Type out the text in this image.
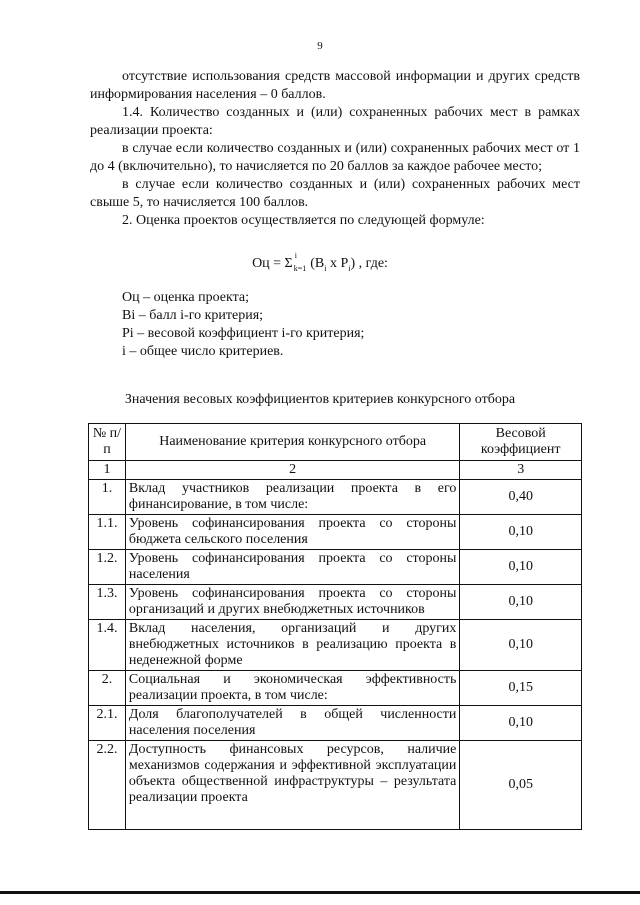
9

отсутствие использования средств массовой информации и других средств информирования населения – 0 баллов.

1.4. Количество созданных и (или) сохраненных рабочих мест в рамках реализации проекта:

в случае если количество созданных и (или) сохраненных рабочих мест от 1 до 4 (включительно), то начисляется по 20 баллов за каждое рабочее место;

в случае если количество созданных и (или) сохраненных рабочих мест свыше 5, то начисляется 100 баллов.

2. Оценка проектов осуществляется по следующей формуле:

Оц = Σ
i
k=1 ($B_i$ x $P_i$) , где:
Оц – оценка проекта;
Bi – балл i-го критерия;
Pi – весовой коэффициент i-го критерия;
i – общее число критериев.
Значения весовых коэффициентов критериев конкурсного отбора
№ п/п	Наименование критерия конкурсного отбора	Весовой коэффициент
1	2	3
1.	Вклад участников реализации проекта в его финансирование, в том числе:	0,40
1.1.	Уровень софинансирования проекта со стороны бюджета сельского поселения	0,10
1.2.	Уровень софинансирования проекта со стороны населения	0,10
1.3.	Уровень софинансирования проекта со стороны организаций и других внебюджетных источников	0,10
1.4.	Вклад населения, организаций и других внебюджетных источников в реализацию проекта в неденежной форме	0,10
2.	Социальная и экономическая эффективность реализации проекта, в том числе:	0,15
2.1.	Доля благополучателей в общей численности населения поселения	0,10
2.2.	Доступность финансовых ресурсов, наличие механизмов содержания и эффективной эксплуатации объекта общественной инфраструктуры – результата реализации проекта	0,05
